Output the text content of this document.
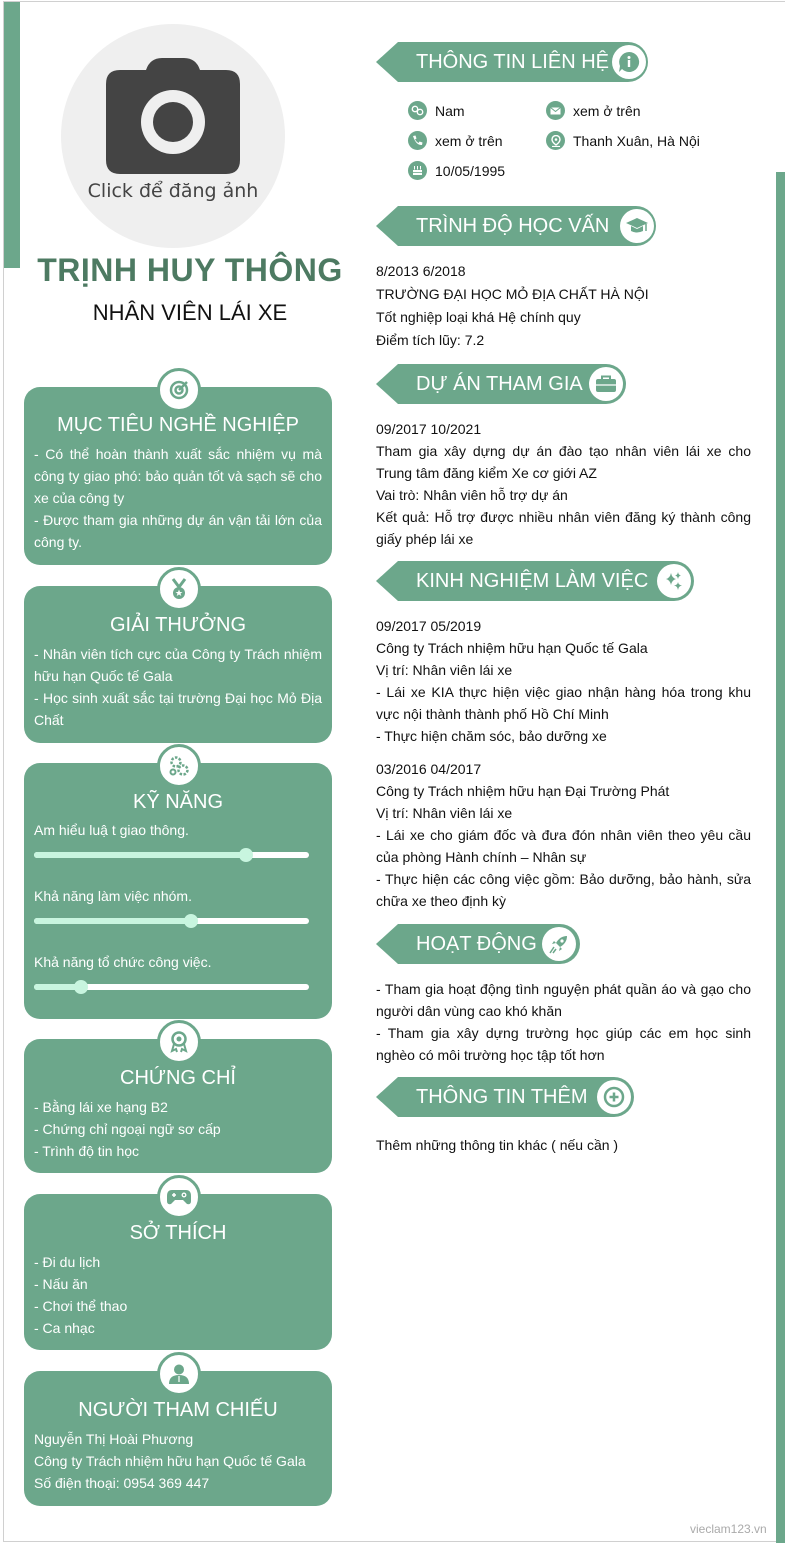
Click để đăng ảnh
TRỊNH HUY THÔNG
NHÂN VIÊN LÁI XE
MỤC TIÊU NGHỀ NGHIỆP

- Có thể hoàn thành xuất sắc nhiệm vụ mà công ty giao phó: bảo quản tốt và sạch sẽ cho xe của công ty

- Được tham gia những dự án vận tải lớn của công ty.

GIẢI THƯỞNG

- Nhân viên tích cực của Công ty Trách nhiệm hữu hạn Quốc tế Gala

- Học sinh xuất sắc tại trường Đại học Mỏ Địa Chất

KỸ NĂNG
Am hiểu luậ t giao thông.
Khả năng làm việc nhóm.
Khả năng tổ chức công việc.
CHỨNG CHỈ

- Bằng lái xe hạng B2

- Chứng chỉ ngoại ngữ sơ cấp

- Trình độ tin học

SỞ THÍCH

- Đi du lịch

- Nấu ăn

- Chơi thể thao

- Ca nhạc

NGƯỜI THAM CHIẾU

Nguyễn Thị Hoài Phương

Công ty Trách nhiệm hữu hạn Quốc tế Gala

Số điện thoại: 0954 369 447

THÔNG TIN LIÊN HỆ
Nam	xem ở trên
xem ở trên	Thanh Xuân, Hà Nội
10/05/1995
TRÌNH ĐỘ HỌC VẤN

8/2013 6/2018

TRƯỜNG ĐẠI HỌC MỎ ĐỊA CHẤT HÀ NỘI

Tốt nghiệp loại khá Hệ chính quy

Điểm tích lũy: 7.2

DỰ ÁN THAM GIA

09/2017 10/2021

Tham gia xây dựng dự án đào tạo nhân viên lái xe cho Trung tâm đăng kiểm Xe cơ giới AZ

Vai trò: Nhân viên hỗ trợ dự án

Kết quả: Hỗ trợ được nhiều nhân viên đăng ký thành công giấy phép lái xe

KINH NGHIỆM LÀM VIỆC

09/2017 05/2019

Công ty Trách nhiệm hữu hạn Quốc tế Gala

Vị trí: Nhân viên lái xe

- Lái xe KIA thực hiện việc giao nhận hàng hóa trong khu vực nội thành thành phố Hồ Chí Minh

- Thực hiện chăm sóc, bảo dưỡng xe

03/2016 04/2017

Công ty Trách nhiệm hữu hạn Đại Trường Phát

Vị trí: Nhân viên lái xe

- Lái xe cho giám đốc và đưa đón nhân viên theo yêu cầu của phòng Hành chính – Nhân sự

- Thực hiện các công việc gồm: Bảo dưỡng, bảo hành, sửa chữa xe theo định kỳ

HOẠT ĐỘNG

- Tham gia hoạt động tình nguyện phát quần áo và gạo cho người dân vùng cao khó khăn

- Tham gia xây dựng trường học giúp các em học sinh nghèo có môi trường học tập tốt hơn

THÔNG TIN THÊM

Thêm những thông tin khác ( nếu cần )

vieclam123.vn
